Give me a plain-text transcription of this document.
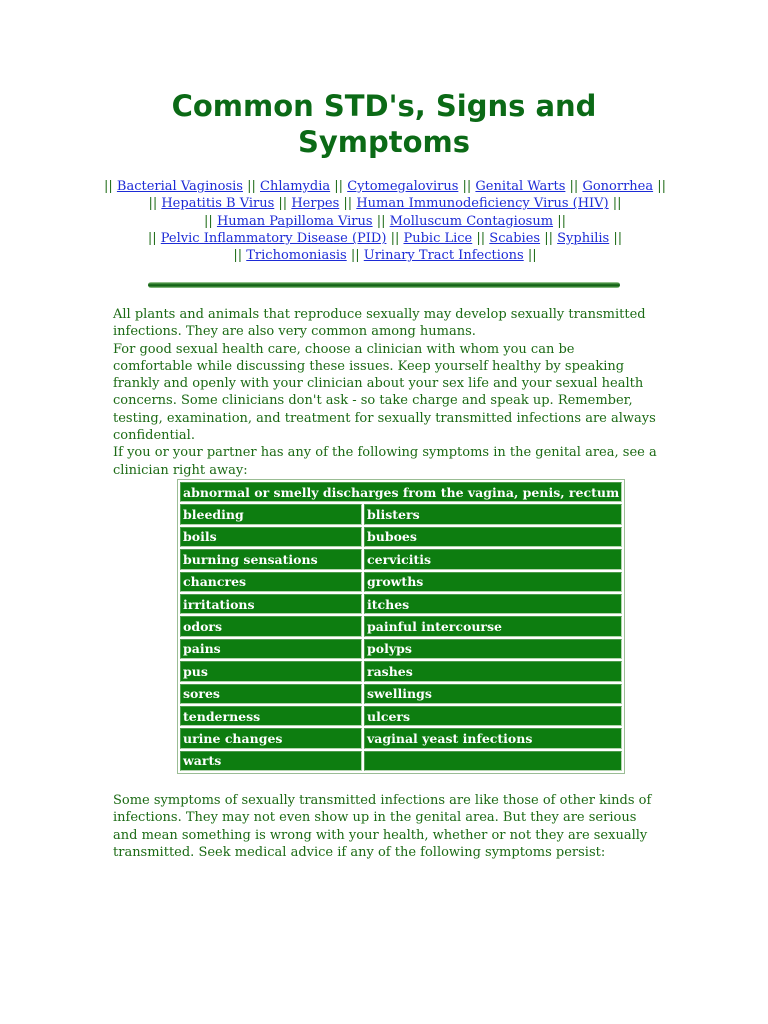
Common STD's, Signs and Symptoms
|| Bacterial Vaginosis || Chlamydia || Cytomegalovirus || Genital Warts || Gonorrhea ||
|| Hepatitis B Virus || Herpes || Human Immunodeficiency Virus (HIV) ||
|| Human Papilloma Virus || Molluscum Contagiosum ||
|| Pelvic Inflammatory Disease (PID) || Pubic Lice || Scabies || Syphilis ||
|| Trichomoniasis || Urinary Tract Infections ||
All plants and animals that reproduce sexually may develop sexually transmitted infections. They are also very common among humans.
For good sexual health care, choose a clinician with whom you can be comfortable while discussing these issues. Keep yourself healthy by speaking frankly and openly with your clinician about your sex life and your sexual health concerns. Some clinicians don't ask - so take charge and speak up. Remember, testing, examination, and treatment for sexually transmitted infections are always confidential.
If you or your partner has any of the following symptoms in the genital area, see a clinician right away:
abnormal or smelly discharges from the vagina, penis, rectum	
bleeding	blisters
boils	buboes
burning sensations	cervicitis
chancres	growths
irritations	itches
odors	painful intercourse
pains	polyps
pus	rashes
sores	swellings
tenderness	ulcers
urine changes	vaginal yeast infections
warts	

Some symptoms of sexually transmitted infections are like those of other kinds of infections. They may not even show up in the genital area. But they are serious and mean something is wrong with your health, whether or not they are sexually transmitted. Seek medical advice if any of the following symptoms persist:
